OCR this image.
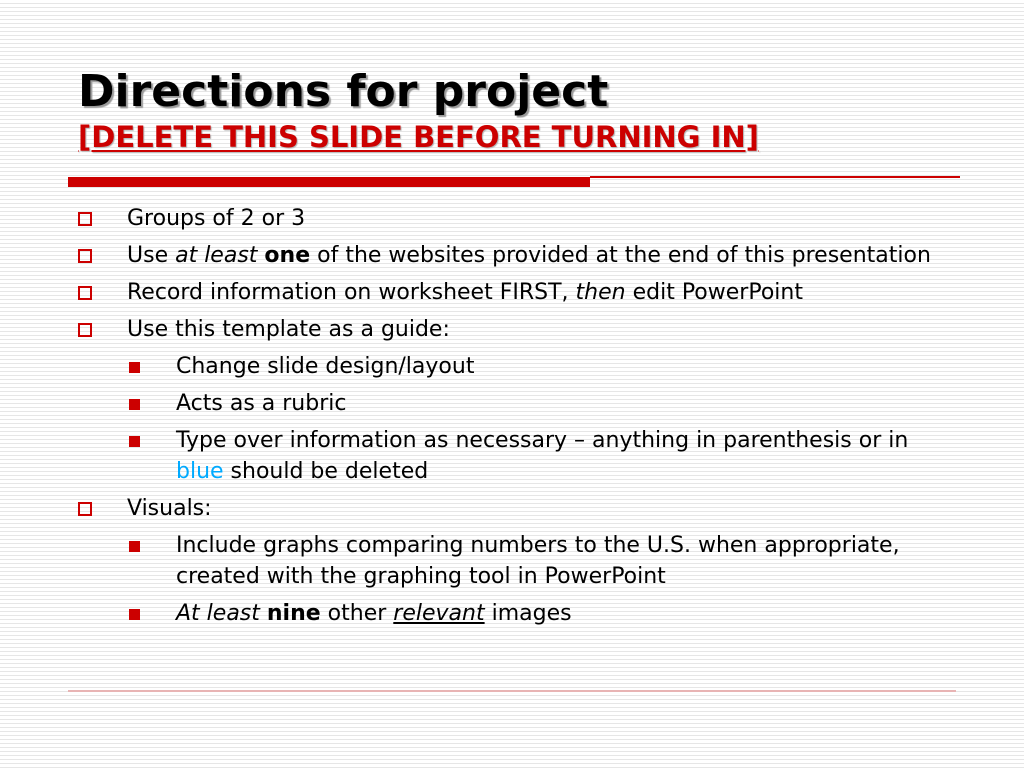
Directions for project
[DELETE THIS SLIDE BEFORE TURNING IN]
Groups of 2 or 3
Use at least one of the websites provided at the end of this presentation
Record information on worksheet FIRST, then edit PowerPoint
Use this template as a guide:
Change slide design/layout
Acts as a rubric
Type over information as necessary – anything in parenthesis or in blue should be deleted
Visuals:
Include graphs comparing numbers to the U.S. when appropriate, created with the graphing tool in PowerPoint
At least nine other relevant images
